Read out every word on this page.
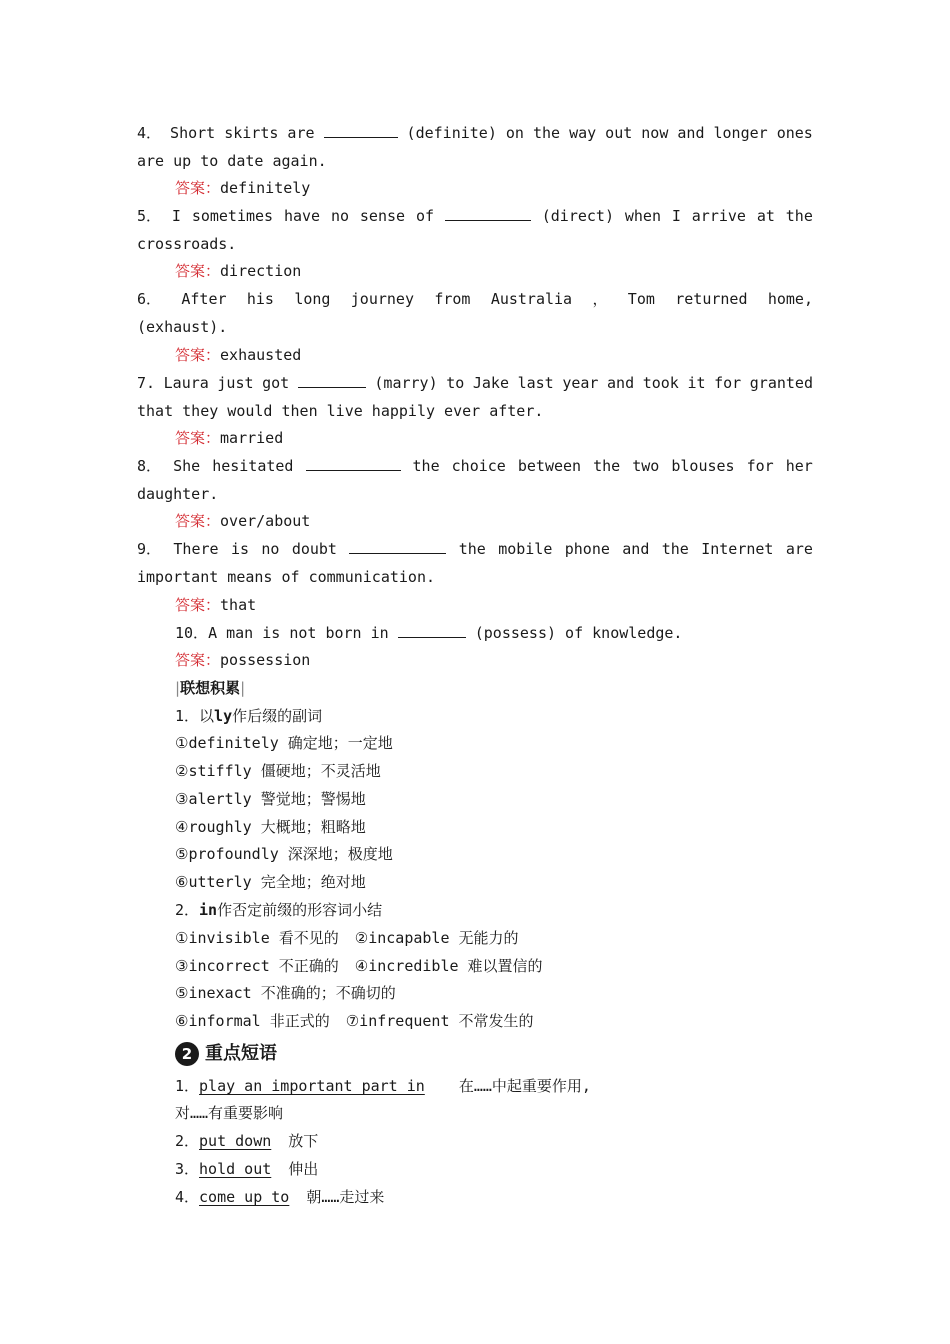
4． Short skirts are	(definite) on the way out now and longer ones
are up to date again.
答案：definitely
5． I sometimes have no sense of	(direct) when I arrive at the
crossroads.
答案：direction
6． After his long journey from Australia ， Tom returned home,
(exhaust).
答案：exhausted
7. Laura just got	(marry) to Jake last year and took it for granted
that they would then live happily ever after.
答案：married
8． She hesitated	the choice between the two blouses for her
daughter.
答案：over/about
9． There is no doubt	the mobile phone and the Internet are
important means of communication.
答案：that
10．A man is not born in	(possess) of knowledge.
答案：possession
|联想积累|
1．以ly作后缀的副词
①definitely 确定地；一定地
②stiffly 僵硬地；不灵活地
③alertly 警觉地；警惕地
④roughly 大概地；粗略地
⑤profoundly 深深地；极度地
⑥utterly 完全地；绝对地
2．in作否定前缀的形容词小结
①invisible 看不见的 ②incapable 无能力的
③incorrect 不正确的 ④incredible 难以置信的
⑤inexact 不准确的；不确切的
⑥informal 非正式的 ⑦infrequent 不常发生的
2 重点短语
1．play an important part in 在……中起重要作用,
对……有重要影响
2．put down 放下
3．hold out 伸出
4．come up to 朝……走过来
